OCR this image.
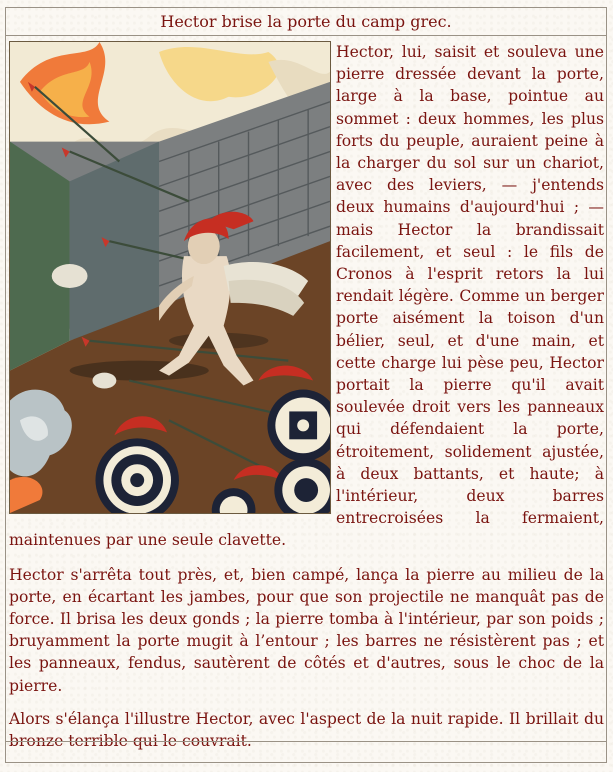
Hector brise la porte du camp grec.

Hector, lui, saisit et souleva une pierre dressée devant la porte, large à la base, pointue au sommet : deux hommes, les plus forts du peuple, auraient peine à la charger du sol sur un chariot, avec des leviers, — j'entends deux humains d'aujourd'hui ; — mais Hector la brandissait facilement, et seul : le fils de Cronos à l'esprit retors la lui rendait légère. Comme un berger porte aisément la toison d'un bélier, seul, et d'une main, et cette charge lui pèse peu, Hector portait la pierre qu'il avait soulevée droit vers les panneaux qui défendaient la porte, étroitement, solidement ajustée, à deux battants, et haute; à l'intérieur, deux barres entrecroisées la fermaient, maintenues par une seule clavette.

Hector s'arrêta tout près, et, bien campé, lança la pierre au milieu de la porte, en écartant les jambes, pour que son projectile ne manquât pas de force. Il brisa les deux gonds ; la pierre tomba à l'intérieur, par son poids ; bruyamment la porte mugit à l’entour ; les barres ne résistèrent pas ; et les panneaux, fendus, sautèrent de côtés et d'autres, sous le choc de la pierre.

Alors s'élança l'illustre Hector, avec l'aspect de la nuit rapide. Il brillait du bronze terrible qui le couvrait.
